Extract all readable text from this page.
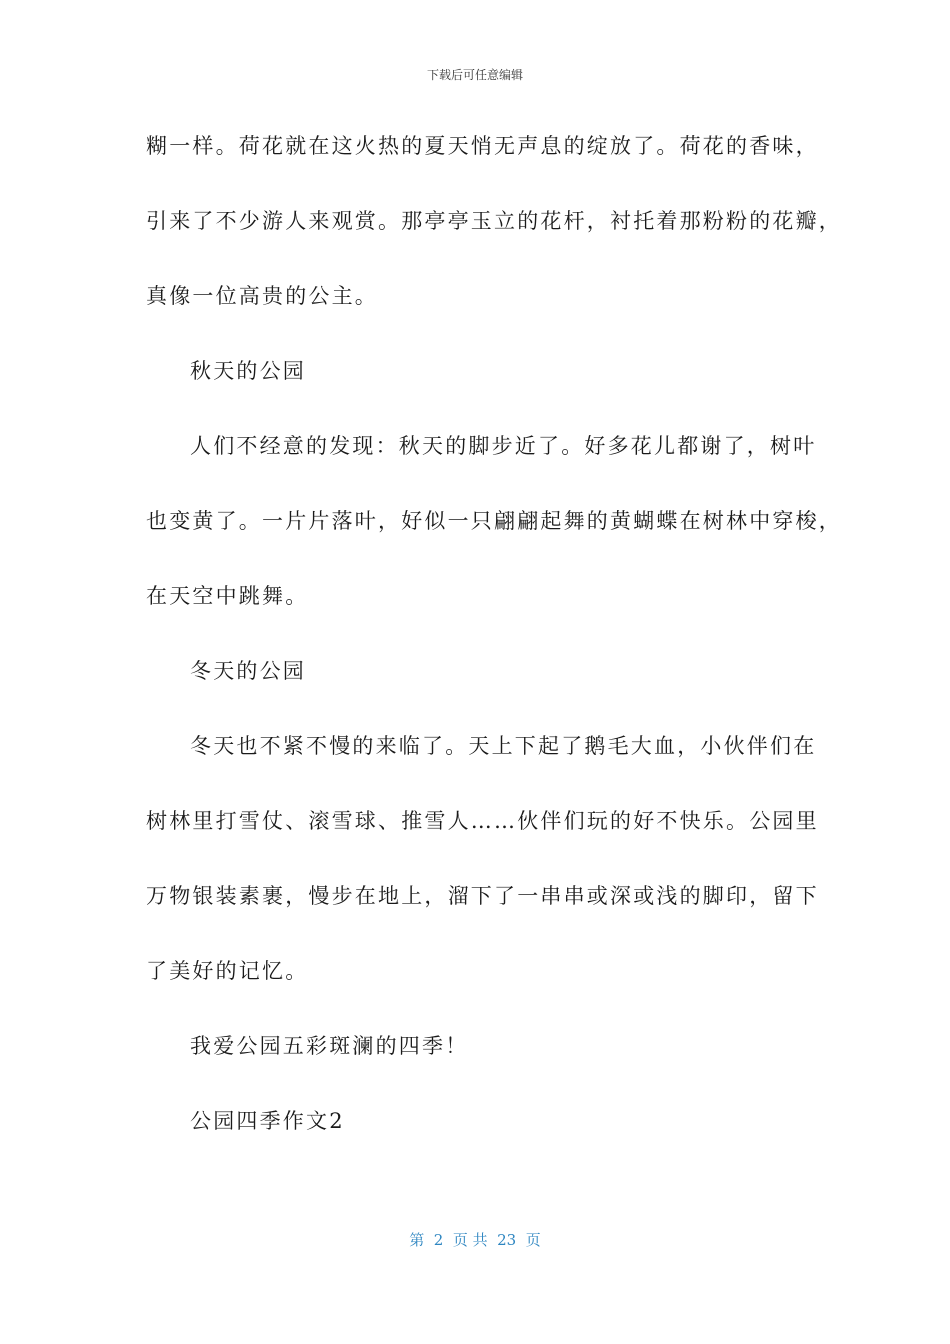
下载后可任意编辑
糊一样。荷花就在这火热的夏天悄无声息的绽放了。荷花的香味，
引来了不少游人来观赏。那亭亭玉立的花杆，衬托着那粉粉的花瓣，
真像一位高贵的公主。
秋天的公园
人们不经意的发现：秋天的脚步近了。好多花儿都谢了，树叶
也变黄了。一片片落叶，好似一只翩翩起舞的黄蝴蝶在树林中穿梭，
在天空中跳舞。
冬天的公园
冬天也不紧不慢的来临了。天上下起了鹅毛大血，小伙伴们在
树林里打雪仗、滚雪球、推雪人……伙伴们玩的好不快乐。公园里
万物银装素裹，慢步在地上，溜下了一串串或深或浅的脚印，留下
了美好的记忆。
我爱公园五彩斑澜的四季！
公园四季作文2
第  2  页 共  23  页
